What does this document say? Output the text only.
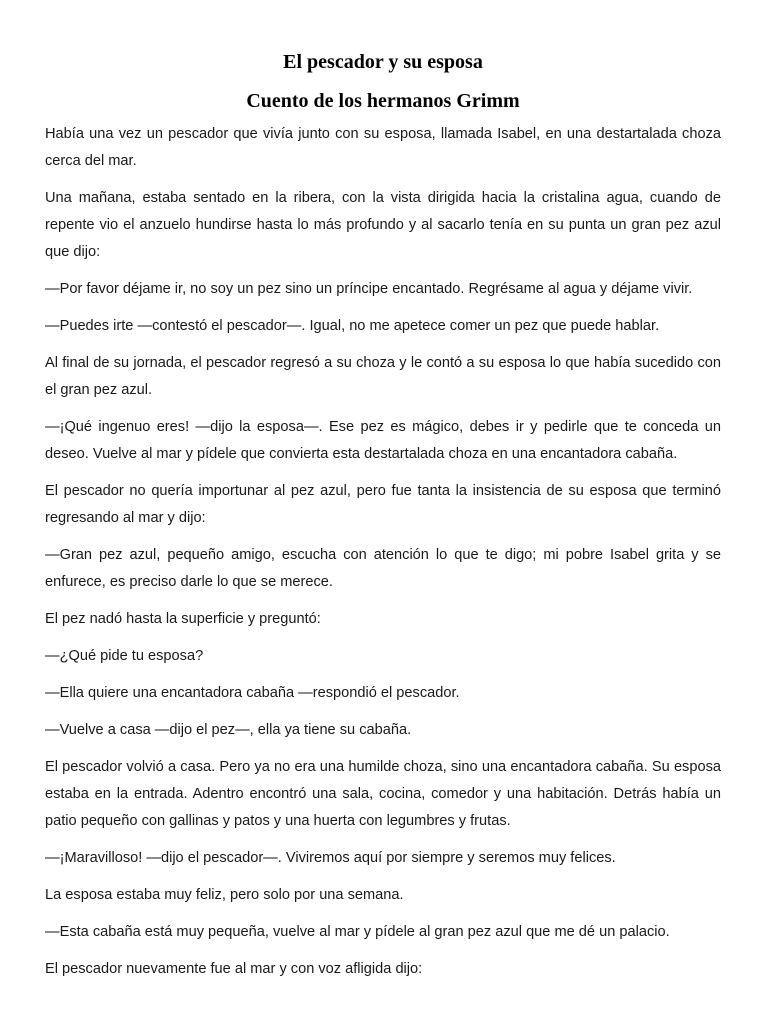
El pescador y su esposa
Cuento de los hermanos Grimm

Había una vez un pescador que vivía junto con su esposa, llamada Isabel, en una destartalada choza cerca del mar.

Una mañana, estaba sentado en la ribera, con la vista dirigida hacia la cristalina agua, cuando de repente vio el anzuelo hundirse hasta lo más profundo y al sacarlo tenía en su punta un gran pez azul que dijo:

—Por favor déjame ir, no soy un pez sino un príncipe encantado. Regrésame al agua y déjame vivir.

—Puedes irte —contestó el pescador—. Igual, no me apetece comer un pez que puede hablar.

Al final de su jornada, el pescador regresó a su choza y le contó a su esposa lo que había sucedido con el gran pez azul.

—¡Qué ingenuo eres! —dijo la esposa—. Ese pez es mágico, debes ir y pedirle que te conceda un deseo. Vuelve al mar y pídele que convierta esta destartalada choza en una encantadora cabaña.

El pescador no quería importunar al pez azul, pero fue tanta la insistencia de su esposa que terminó regresando al mar y dijo:

—Gran pez azul, pequeño amigo, escucha con atención lo que te digo; mi pobre Isabel grita y se enfurece, es preciso darle lo que se merece.

El pez nadó hasta la superficie y preguntó:

—¿Qué pide tu esposa?

—Ella quiere una encantadora cabaña —respondió el pescador.

—Vuelve a casa —dijo el pez—, ella ya tiene su cabaña.

El pescador volvió a casa. Pero ya no era una humilde choza, sino una encantadora cabaña. Su esposa estaba en la entrada. Adentro encontró una sala, cocina, comedor y una habitación. Detrás había un patio pequeño con gallinas y patos y una huerta con legumbres y frutas.

—¡Maravilloso! —dijo el pescador—. Viviremos aquí por siempre y seremos muy felices.

La esposa estaba muy feliz, pero solo por una semana.

—Esta cabaña está muy pequeña, vuelve al mar y pídele al gran pez azul que me dé un palacio.

El pescador nuevamente fue al mar y con voz afligida dijo:
